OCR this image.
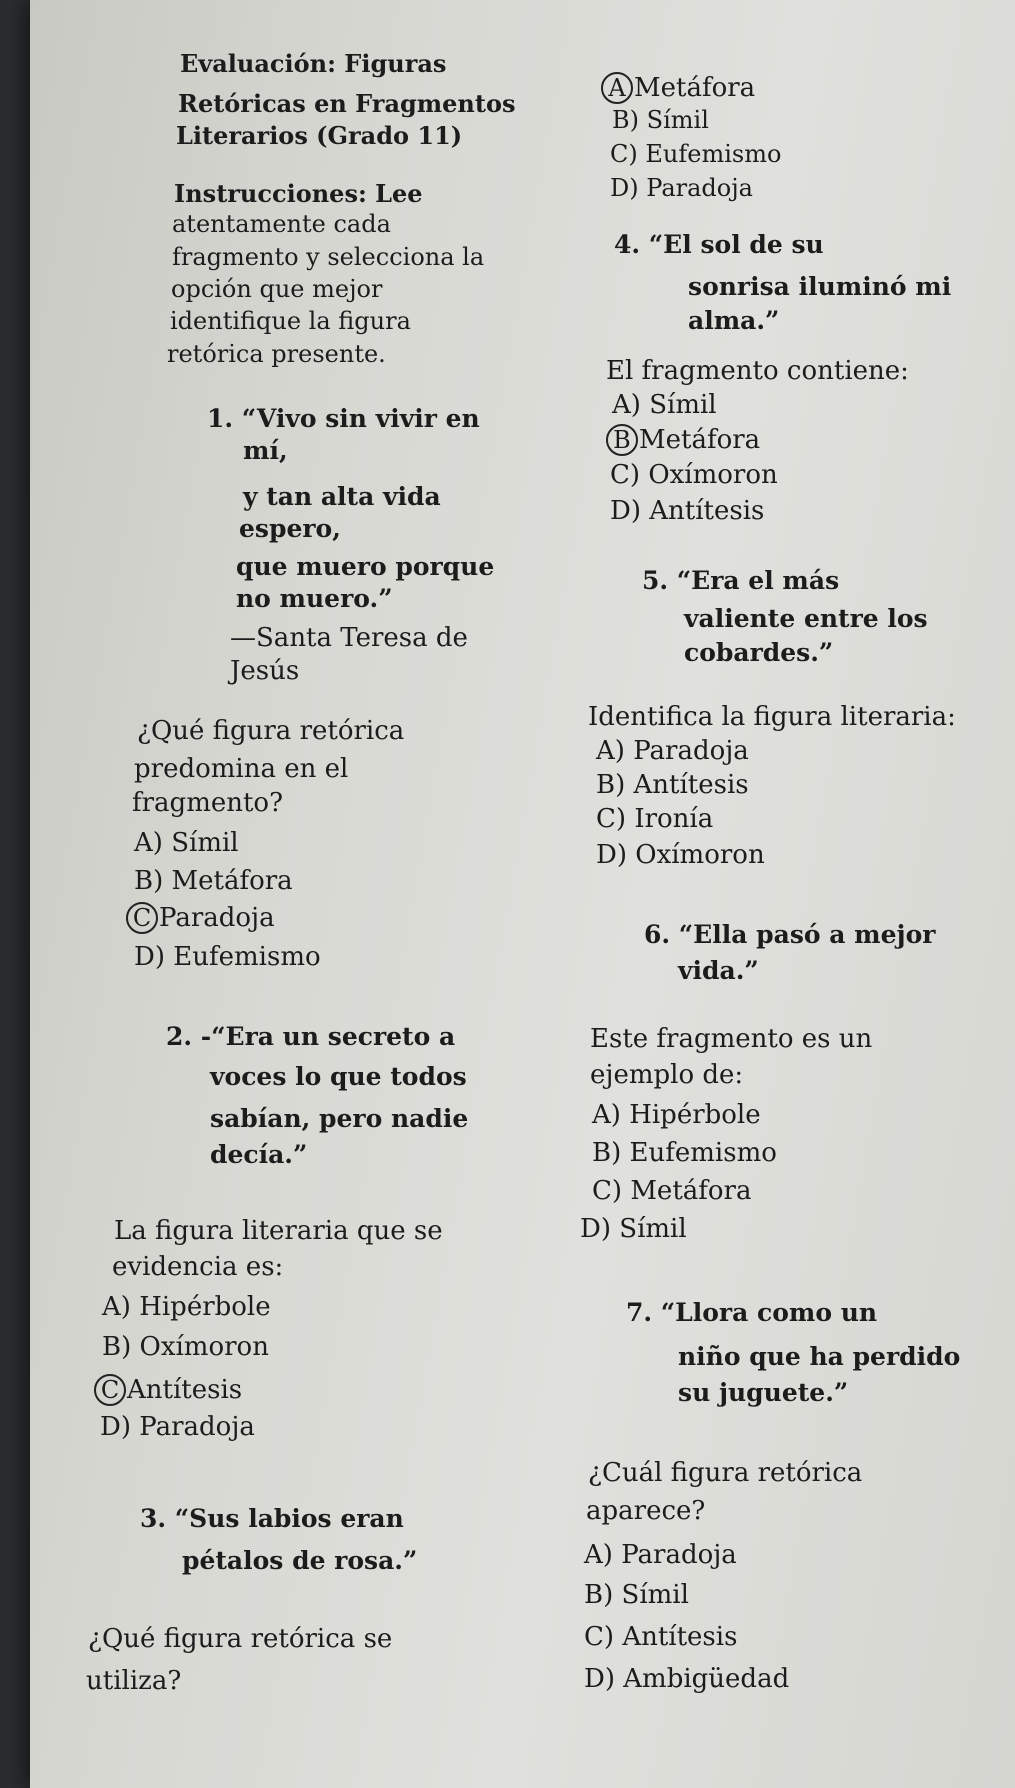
Evaluación: Figuras
Retóricas en Fragmentos
Literarios (Grado 11)
Instrucciones: Lee
atentamente cada
fragmento y selecciona la
opción que mejor
identifique la figura
retórica presente.
1. “Vivo sin vivir en
mí,
y tan alta vida
espero,
que muero porque
no muero.”
—Santa Teresa de
Jesús
¿Qué figura retórica
predomina en el
fragmento?
A) Símil
B) Metáfora
C Paradoja
D) Eufemismo
2. -“Era un secreto a
voces lo que todos
sabían, pero nadie
decía.”
La figura literaria que se
evidencia es:
A) Hipérbole
B) Oxímoron
C Antítesis
D) Paradoja
3. “Sus labios eran
pétalos de rosa.”
¿Qué figura retórica se
utiliza?
A Metáfora
B) Símil
C) Eufemismo
D) Paradoja
4. “El sol de su
sonrisa iluminó mi
alma.”
El fragmento contiene:
A) Símil
B Metáfora
C) Oxímoron
D) Antítesis
5. “Era el más
valiente entre los
cobardes.”
Identifica la figura literaria:
A) Paradoja
B) Antítesis
C) Ironía
D) Oxímoron
6. “Ella pasó a mejor
vida.”
Este fragmento es un
ejemplo de:
A) Hipérbole
B) Eufemismo
C) Metáfora
D) Símil
7. “Llora como un
niño que ha perdido
su juguete.”
¿Cuál figura retórica
aparece?
A) Paradoja
B) Símil
C) Antítesis
D) Ambigüedad
